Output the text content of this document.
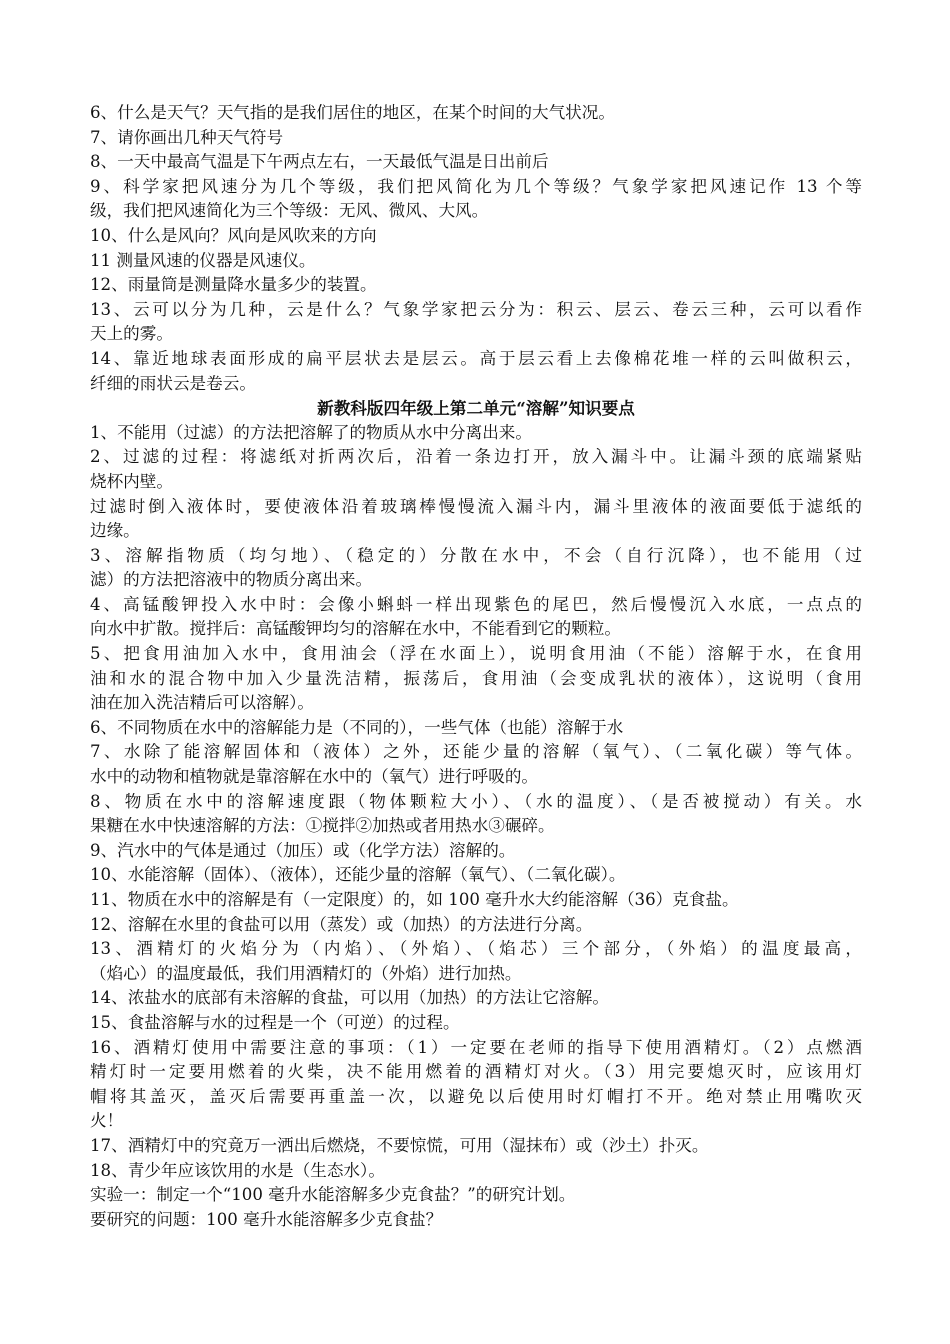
6、什么是天气？天气指的是我们居住的地区，在某个时间的大气状况。
7、请你画出几种天气符号
8、一天中最高气温是下午两点左右，一天最低气温是日出前后
9、科学家把风速分为几个等级，我们把风简化为几个等级？气象学家把风速记作 13 个等
级，我们把风速简化为三个等级：无风、微风、大风。
10、什么是风向？风向是风吹来的方向
11 测量风速的仪器是风速仪。
12、雨量筒是测量降水量多少的装置。
13、云可以分为几种，云是什么？气象学家把云分为：积云、层云、卷云三种，云可以看作
天上的雾。
14、靠近地球表面形成的扁平层状去是层云。高于层云看上去像棉花堆一样的云叫做积云，
纤细的雨状云是卷云。
新教科版四年级上第二单元“溶解”知识要点
1、不能用（过滤）的方法把溶解了的物质从水中分离出来。
2、过滤的过程：将滤纸对折两次后，沿着一条边打开，放入漏斗中。让漏斗颈的底端紧贴
烧杯内壁。
过滤时倒入液体时，要使液体沿着玻璃棒慢慢流入漏斗内，漏斗里液体的液面要低于滤纸的
边缘。
3、溶解指物质（均匀地）、（稳定的）分散在水中，不会（自行沉降），也不能用（过
滤）的方法把溶液中的物质分离出来。
4、高锰酸钾投入水中时：会像小蝌蚪一样出现紫色的尾巴，然后慢慢沉入水底，一点点的
向水中扩散。搅拌后：高锰酸钾均匀的溶解在水中，不能看到它的颗粒。
5、把食用油加入水中，食用油会（浮在水面上），说明食用油（不能）溶解于水，在食用
油和水的混合物中加入少量洗洁精，振荡后，食用油（会变成乳状的液体），这说明（食用
油在加入洗洁精后可以溶解）。
6、不同物质在水中的溶解能力是（不同的），一些气体（也能）溶解于水
7、水除了能溶解固体和（液体）之外，还能少量的溶解（氧气）、（二氧化碳）等气体。
水中的动物和植物就是靠溶解在水中的（氧气）进行呼吸的。
8、物质在水中的溶解速度跟（物体颗粒大小）、（水的温度）、（是否被搅动）有关。水
果糖在水中快速溶解的方法：①搅拌②加热或者用热水③碾碎。
9、汽水中的气体是通过（加压）或（化学方法）溶解的。
10、水能溶解（固体）、（液体），还能少量的溶解（氧气）、（二氧化碳）。
11、物质在水中的溶解是有（一定限度）的，如 100 毫升水大约能溶解（36）克食盐。
12、溶解在水里的食盐可以用（蒸发）或（加热）的方法进行分离。
13、酒精灯的火焰分为（内焰）、（外焰）、（焰芯）三个部分，（外焰）的温度最高，
（焰心）的温度最低，我们用酒精灯的（外焰）进行加热。
14、浓盐水的底部有未溶解的食盐，可以用（加热）的方法让它溶解。
15、食盐溶解与水的过程是一个（可逆）的过程。
16、酒精灯使用中需要注意的事项：（1）一定要在老师的指导下使用酒精灯。（2）点燃酒
精灯时一定要用燃着的火柴，决不能用燃着的酒精灯对火。（3）用完要熄灭时，应该用灯
帽将其盖灭，盖灭后需要再重盖一次，以避免以后使用时灯帽打不开。绝对禁止用嘴吹灭
火！
17、酒精灯中的究竟万一洒出后燃烧，不要惊慌，可用（湿抹布）或（沙土）扑灭。
18、青少年应该饮用的水是（生态水）。
实验一：制定一个“100 毫升水能溶解多少克食盐？”的研究计划。
要研究的问题：100 毫升水能溶解多少克食盐？
